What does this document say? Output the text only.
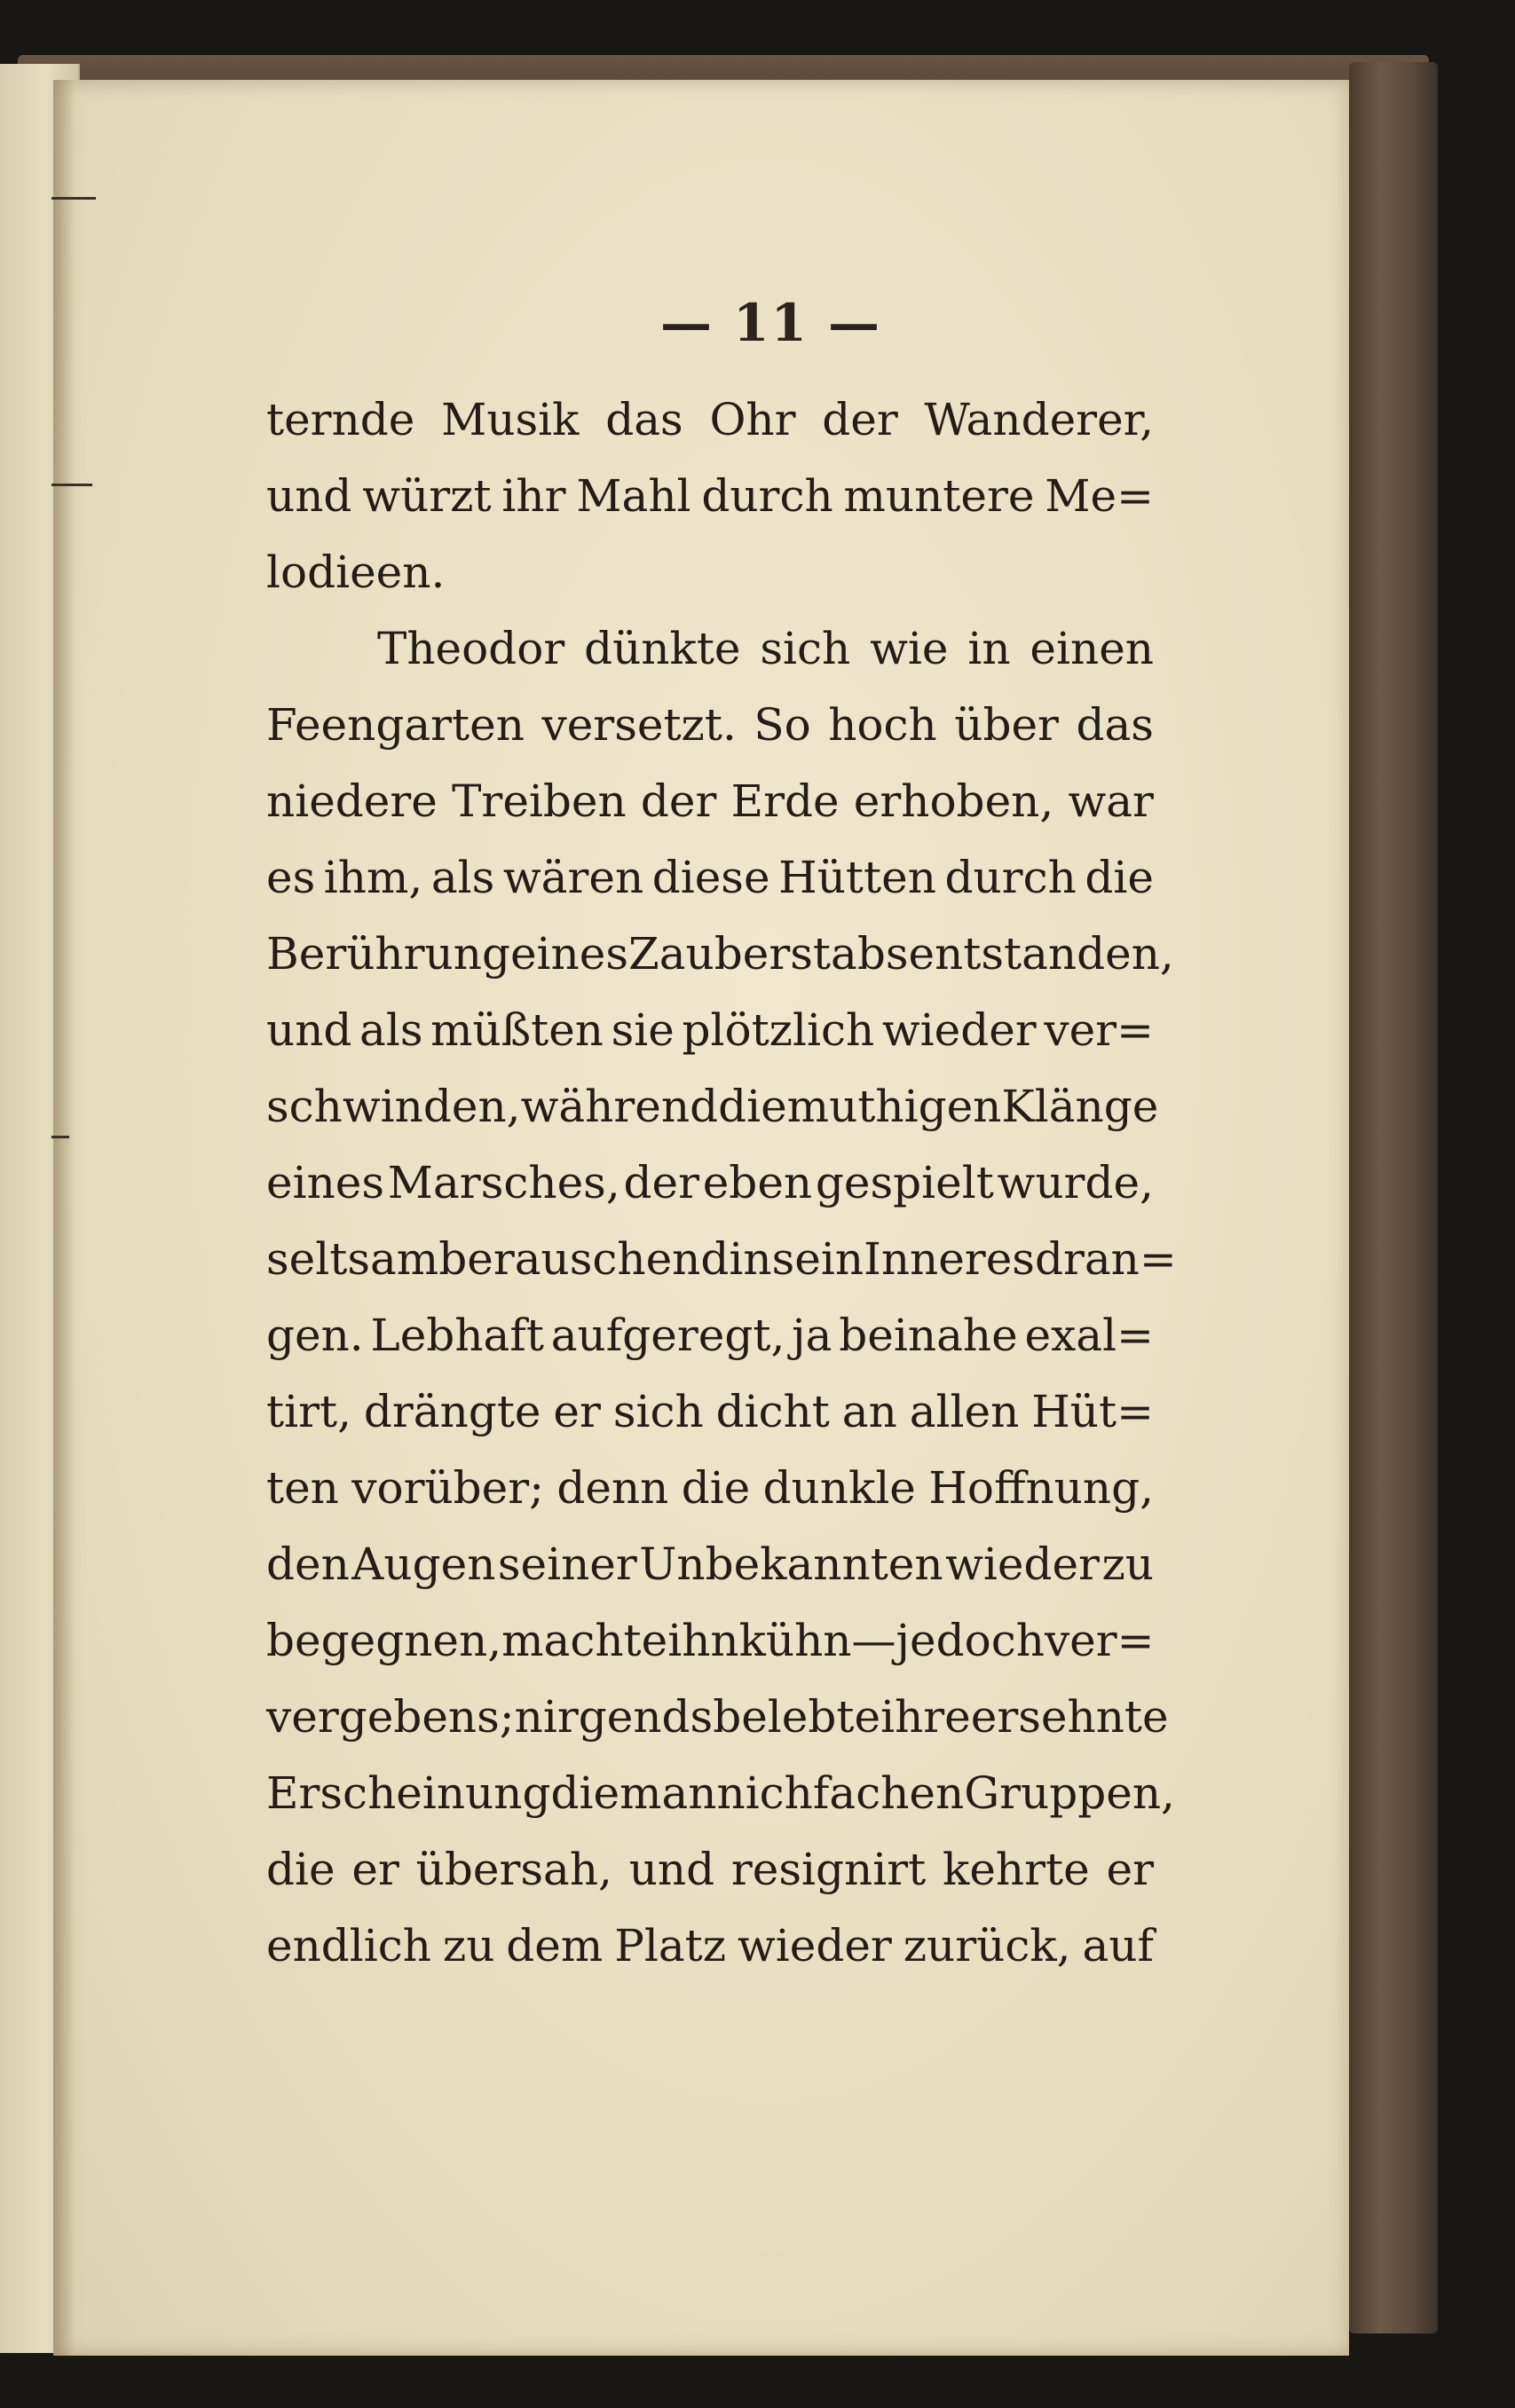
— 11 —
ternde Musik das Ohr der Wanderer,
und würzt ihr Mahl durch muntere Me=
lodieen.
Theodor dünkte sich wie in einen
Feengarten versetzt. So hoch über das
niedere Treiben der Erde erhoben, war
es ihm, als wären diese Hütten durch die
Berührung eines Zauberstabs entstanden,
und als müßten sie plötzlich wieder ver=
schwinden, während die muthigen Klänge
eines Marsches, der eben gespielt wurde,
seltsam berauschend in sein Inneres dran=
gen. Lebhaft aufgeregt, ja beinahe exal=
tirt, drängte er sich dicht an allen Hüt=
ten vorüber; denn die dunkle Hoffnung,
den Augen seiner Unbekannten wieder zu
begegnen, machte ihn kühn — jedoch ver=
vergebens; nirgends belebte ihre ersehnte
Erscheinung die mannichfachen Gruppen,
die er übersah, und resignirt kehrte er
endlich zu dem Platz wieder zurück, auf
